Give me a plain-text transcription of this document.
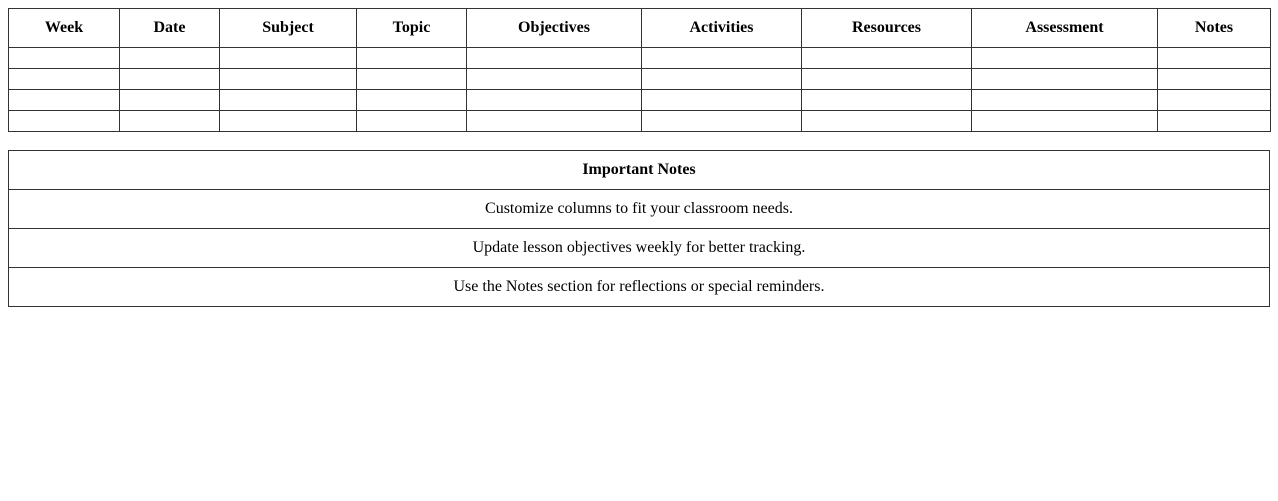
Week	Date	Subject	Topic	Objectives	Activities	Resources	Assessment	Notes

Important Notes
Customize columns to fit your classroom needs.
Update lesson objectives weekly for better tracking.
Use the Notes section for reflections or special reminders.
